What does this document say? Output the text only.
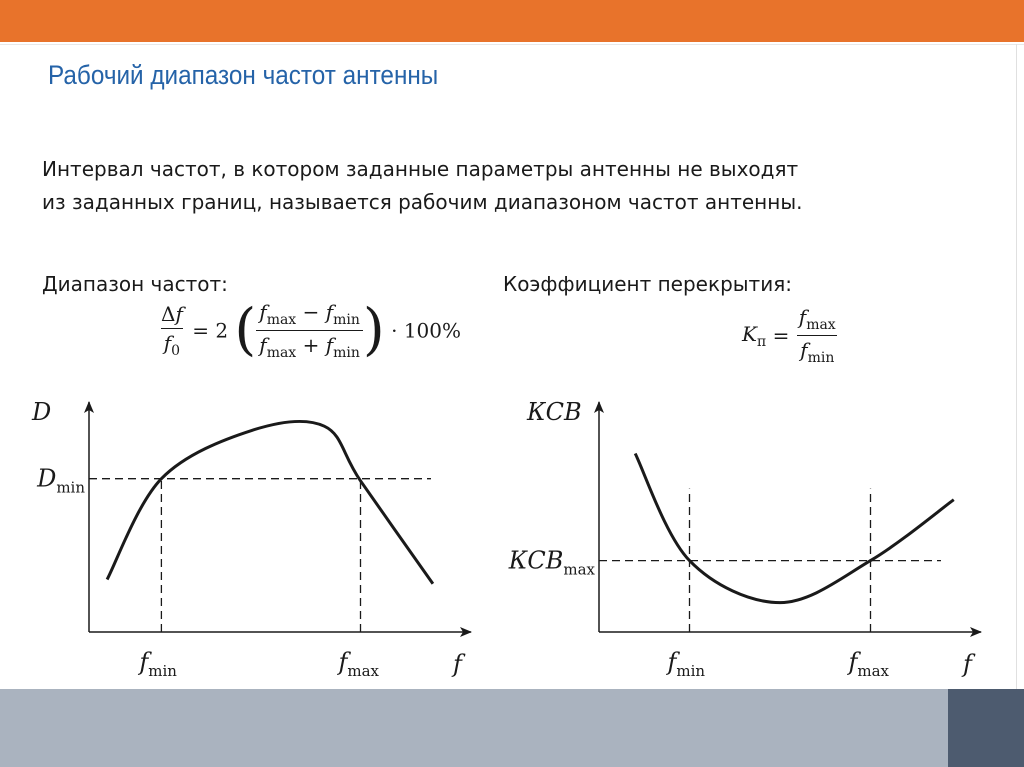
Рабочий диапазон частот антенны
Интервал частот, в котором заданные параметры антенны не выходят
из заданных границ, называется рабочим диапазоном частот антенны.
Диапазон частот:	Коэффициент перекрытия:
$\frac{\Delta f}{f_0} = 2$ ( $\frac{f_{max} - f_{min}}{f_{max} + f_{min}}$ ) · 100%	$K_п = \frac{f_{max}}{f_{min}}$
$f_{min}$	$f_{max}$
D
$D_{min}$
f	$f_{min}$	$f_{max}$
КСВ
$КСВ_{max}$
f
